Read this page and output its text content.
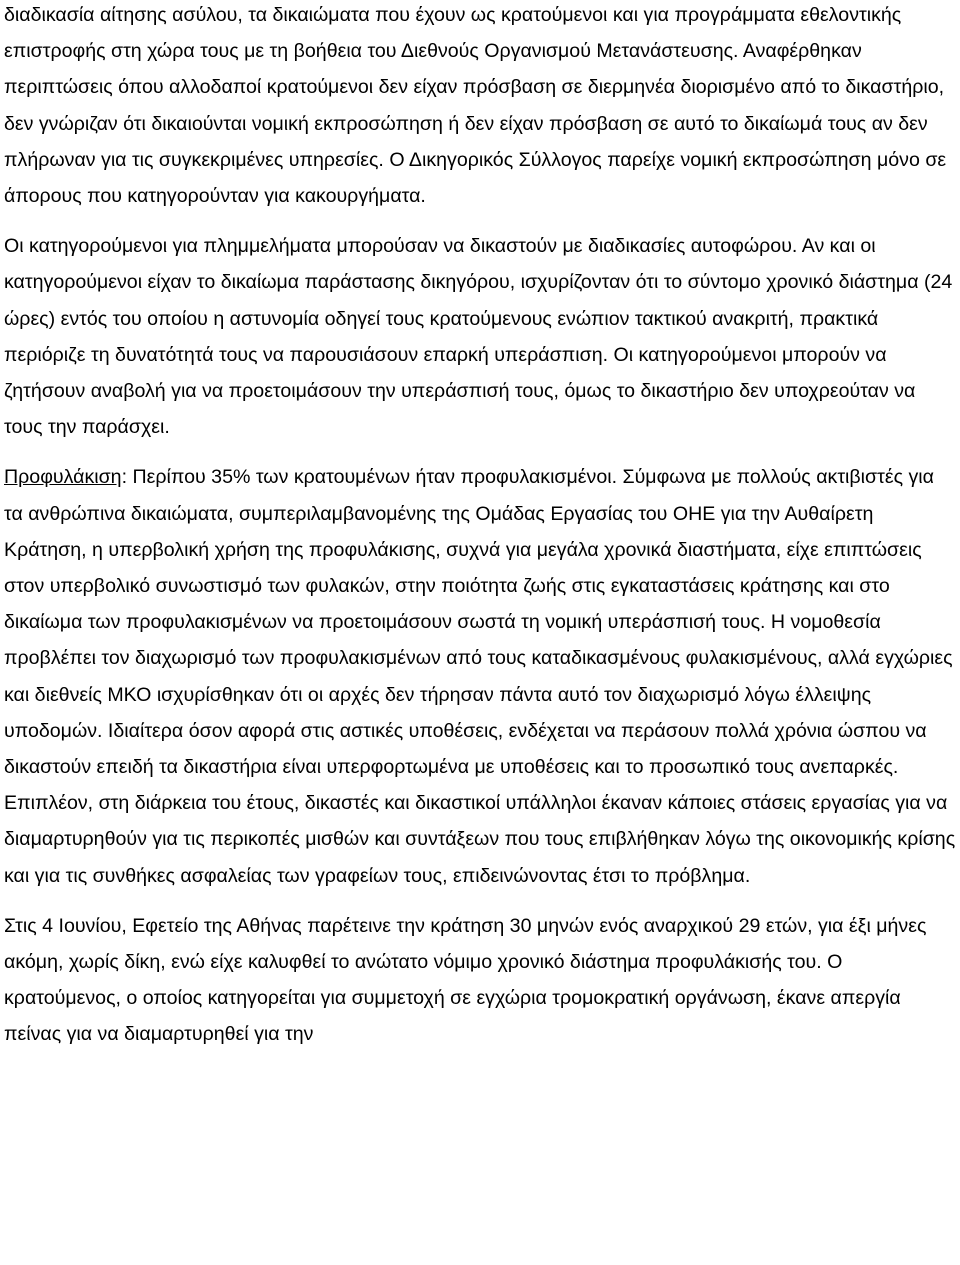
διαδικασία αίτησης ασύλου, τα δικαιώματα που έχουν ως κρατούμενοι και για προγράμματα εθελοντικής επιστροφής στη χώρα τους με τη βοήθεια του Διεθνούς Οργανισμού Μετανάστευσης. Αναφέρθηκαν περιπτώσεις όπου αλλοδαποί κρατούμενοι δεν είχαν πρόσβαση σε διερμηνέα διορισμένο από το δικαστήριο, δεν γνώριζαν ότι δικαιούνται νομική εκπροσώπηση ή δεν είχαν πρόσβαση σε αυτό το δικαίωμά τους αν δεν πλήρωναν για τις συγκεκριμένες υπηρεσίες. Ο Δικηγορικός Σύλλογος παρείχε νομική εκπροσώπηση μόνο σε άπορους που κατηγορούνταν για κακουργήματα.

Οι κατηγορούμενοι για πλημμελήματα μπορούσαν να δικαστούν με διαδικασίες αυτοφώρου. Αν και οι κατηγορούμενοι είχαν το δικαίωμα παράστασης δικηγόρου, ισχυρίζονταν ότι το σύντομο χρονικό διάστημα (24 ώρες) εντός του οποίου η αστυνομία οδηγεί τους κρατούμενους ενώπιον τακτικού ανακριτή, πρακτικά περιόριζε τη δυνατότητά τους να παρουσιάσουν επαρκή υπεράσπιση. Οι κατηγορούμενοι μπορούν να ζητήσουν αναβολή για να προετοιμάσουν την υπεράσπισή τους, όμως το δικαστήριο δεν υποχρεούταν να τους την παράσχει.

Προφυλάκιση: Περίπου 35% των κρατουμένων ήταν προφυλακισμένοι. Σύμφωνα με πολλούς ακτιβιστές για τα ανθρώπινα δικαιώματα, συμπεριλαμβανομένης της Ομάδας Εργασίας του ΟΗΕ για την Αυθαίρετη Κράτηση, η υπερβολική χρήση της προφυλάκισης, συχνά για μεγάλα χρονικά διαστήματα, είχε επιπτώσεις στον υπερβολικό συνωστισμό των φυλακών, στην ποιότητα ζωής στις εγκαταστάσεις κράτησης και στο δικαίωμα των προφυλακισμένων να προετοιμάσουν σωστά τη νομική υπεράσπισή τους. Η νομοθεσία προβλέπει τον διαχωρισμό των προφυλακισμένων από τους καταδικασμένους φυλακισμένους, αλλά εγχώριες και διεθνείς ΜΚΟ ισχυρίσθηκαν ότι οι αρχές δεν τήρησαν πάντα αυτό τον διαχωρισμό λόγω έλλειψης υποδομών. Ιδιαίτερα όσον αφορά στις αστικές υποθέσεις, ενδέχεται να περάσουν πολλά χρόνια ώσπου να δικαστούν επειδή τα δικαστήρια είναι υπερφορτωμένα με υποθέσεις και το προσωπικό τους ανεπαρκές. Επιπλέον, στη διάρκεια του έτους, δικαστές και δικαστικοί υπάλληλοι έκαναν κάποιες στάσεις εργασίας για να διαμαρτυρηθούν για τις περικοπές μισθών και συντάξεων που τους επιβλήθηκαν λόγω της οικονομικής κρίσης και για τις συνθήκες ασφαλείας των γραφείων τους, επιδεινώνοντας έτσι το πρόβλημα.

Στις 4 Ιουνίου, Εφετείο της Αθήνας παρέτεινε την κράτηση 30 μηνών ενός αναρχικού 29 ετών, για έξι μήνες ακόμη, χωρίς δίκη, ενώ είχε καλυφθεί το ανώτατο νόμιμο χρονικό διάστημα προφυλάκισής του. Ο κρατούμενος, ο οποίος κατηγορείται για συμμετοχή σε εγχώρια τρομοκρατική οργάνωση, έκανε απεργία πείνας για να διαμαρτυρηθεί για την
